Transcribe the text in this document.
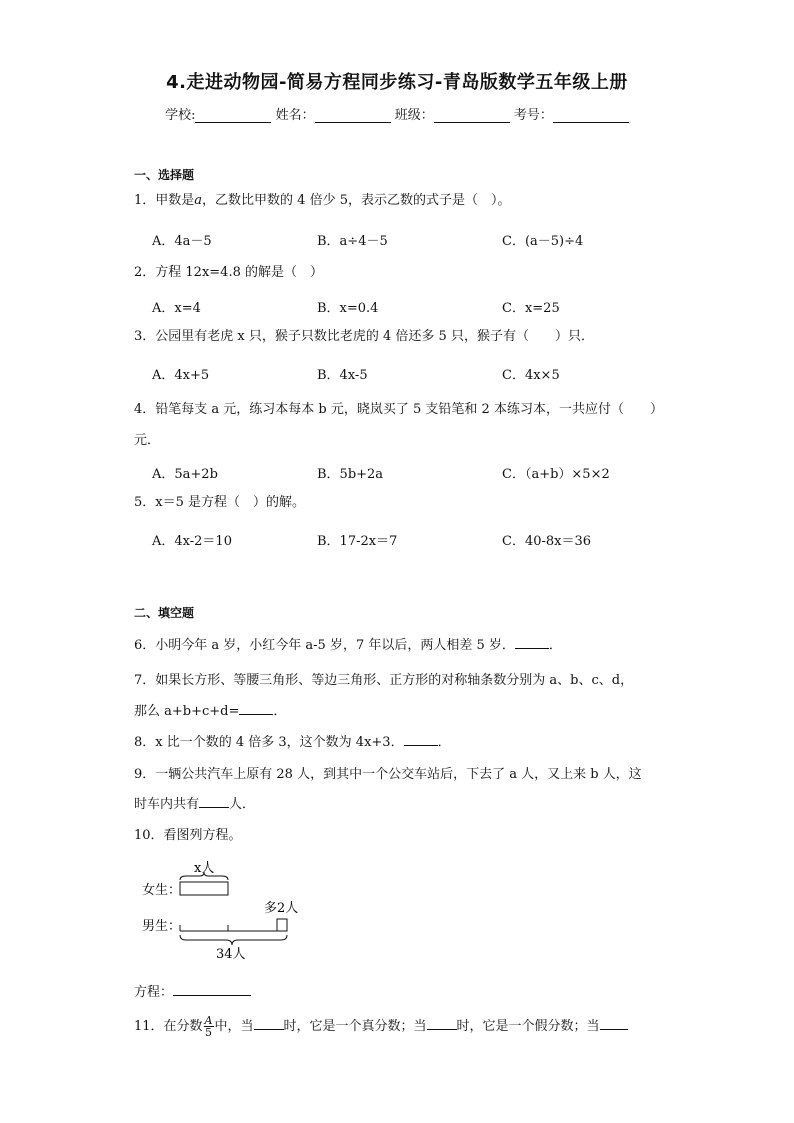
4.走进动物园-简易方程同步练习-青岛版数学五年级上册
学校:	姓名：	班级：	考号：
一、选择题
1．甲数是a，乙数比甲数的 4 倍少 5，表示乙数的式子是（　）。
A．4a－5	B．a÷4－5	C．(a－5)÷4
2．方程 12x=4.8 的解是（　）
A．x=4	B．x=0.4	C．x=25
3．公园里有老虎 x 只，猴子只数比老虎的 4 倍还多 5 只，猴子有（　　）只．
A．4x+5	B．4x-5	C．4x×5
4．铅笔每支 a 元，练习本每本 b 元，晓岚买了 5 支铅笔和 2 本练习本，一共应付（　　）
元．
A．5a+2b	B．5b+2a	C．（a+b）×5×2
5．x＝5 是方程（　）的解。
A．4x-2＝10	B．17-2x＝7	C．40-8x＝36
二、填空题
6．小明今年 a 岁，小红今年 a-5 岁，7 年以后，两人相差 5 岁．	．
7．如果长方形、等腰三角形、等边三角形、正方形的对称轴条数分别为 a、b、c、d，
那么 a+b+c+d=	．
8．x 比一个数的 4 倍多 3，这个数为 4x+3．	．
9．一辆公共汽车上原有 28 人，到其中一个公交车站后，下去了 a 人，又上来 b 人，这
时车内共有 人．
10．看图列方程。
女生：
男生：
x人
多2人
34人
方程：
11．在分数 $\frac{A}{5}$ 中，当 时，它是一个真分数；当 时，它是一个假分数；当
